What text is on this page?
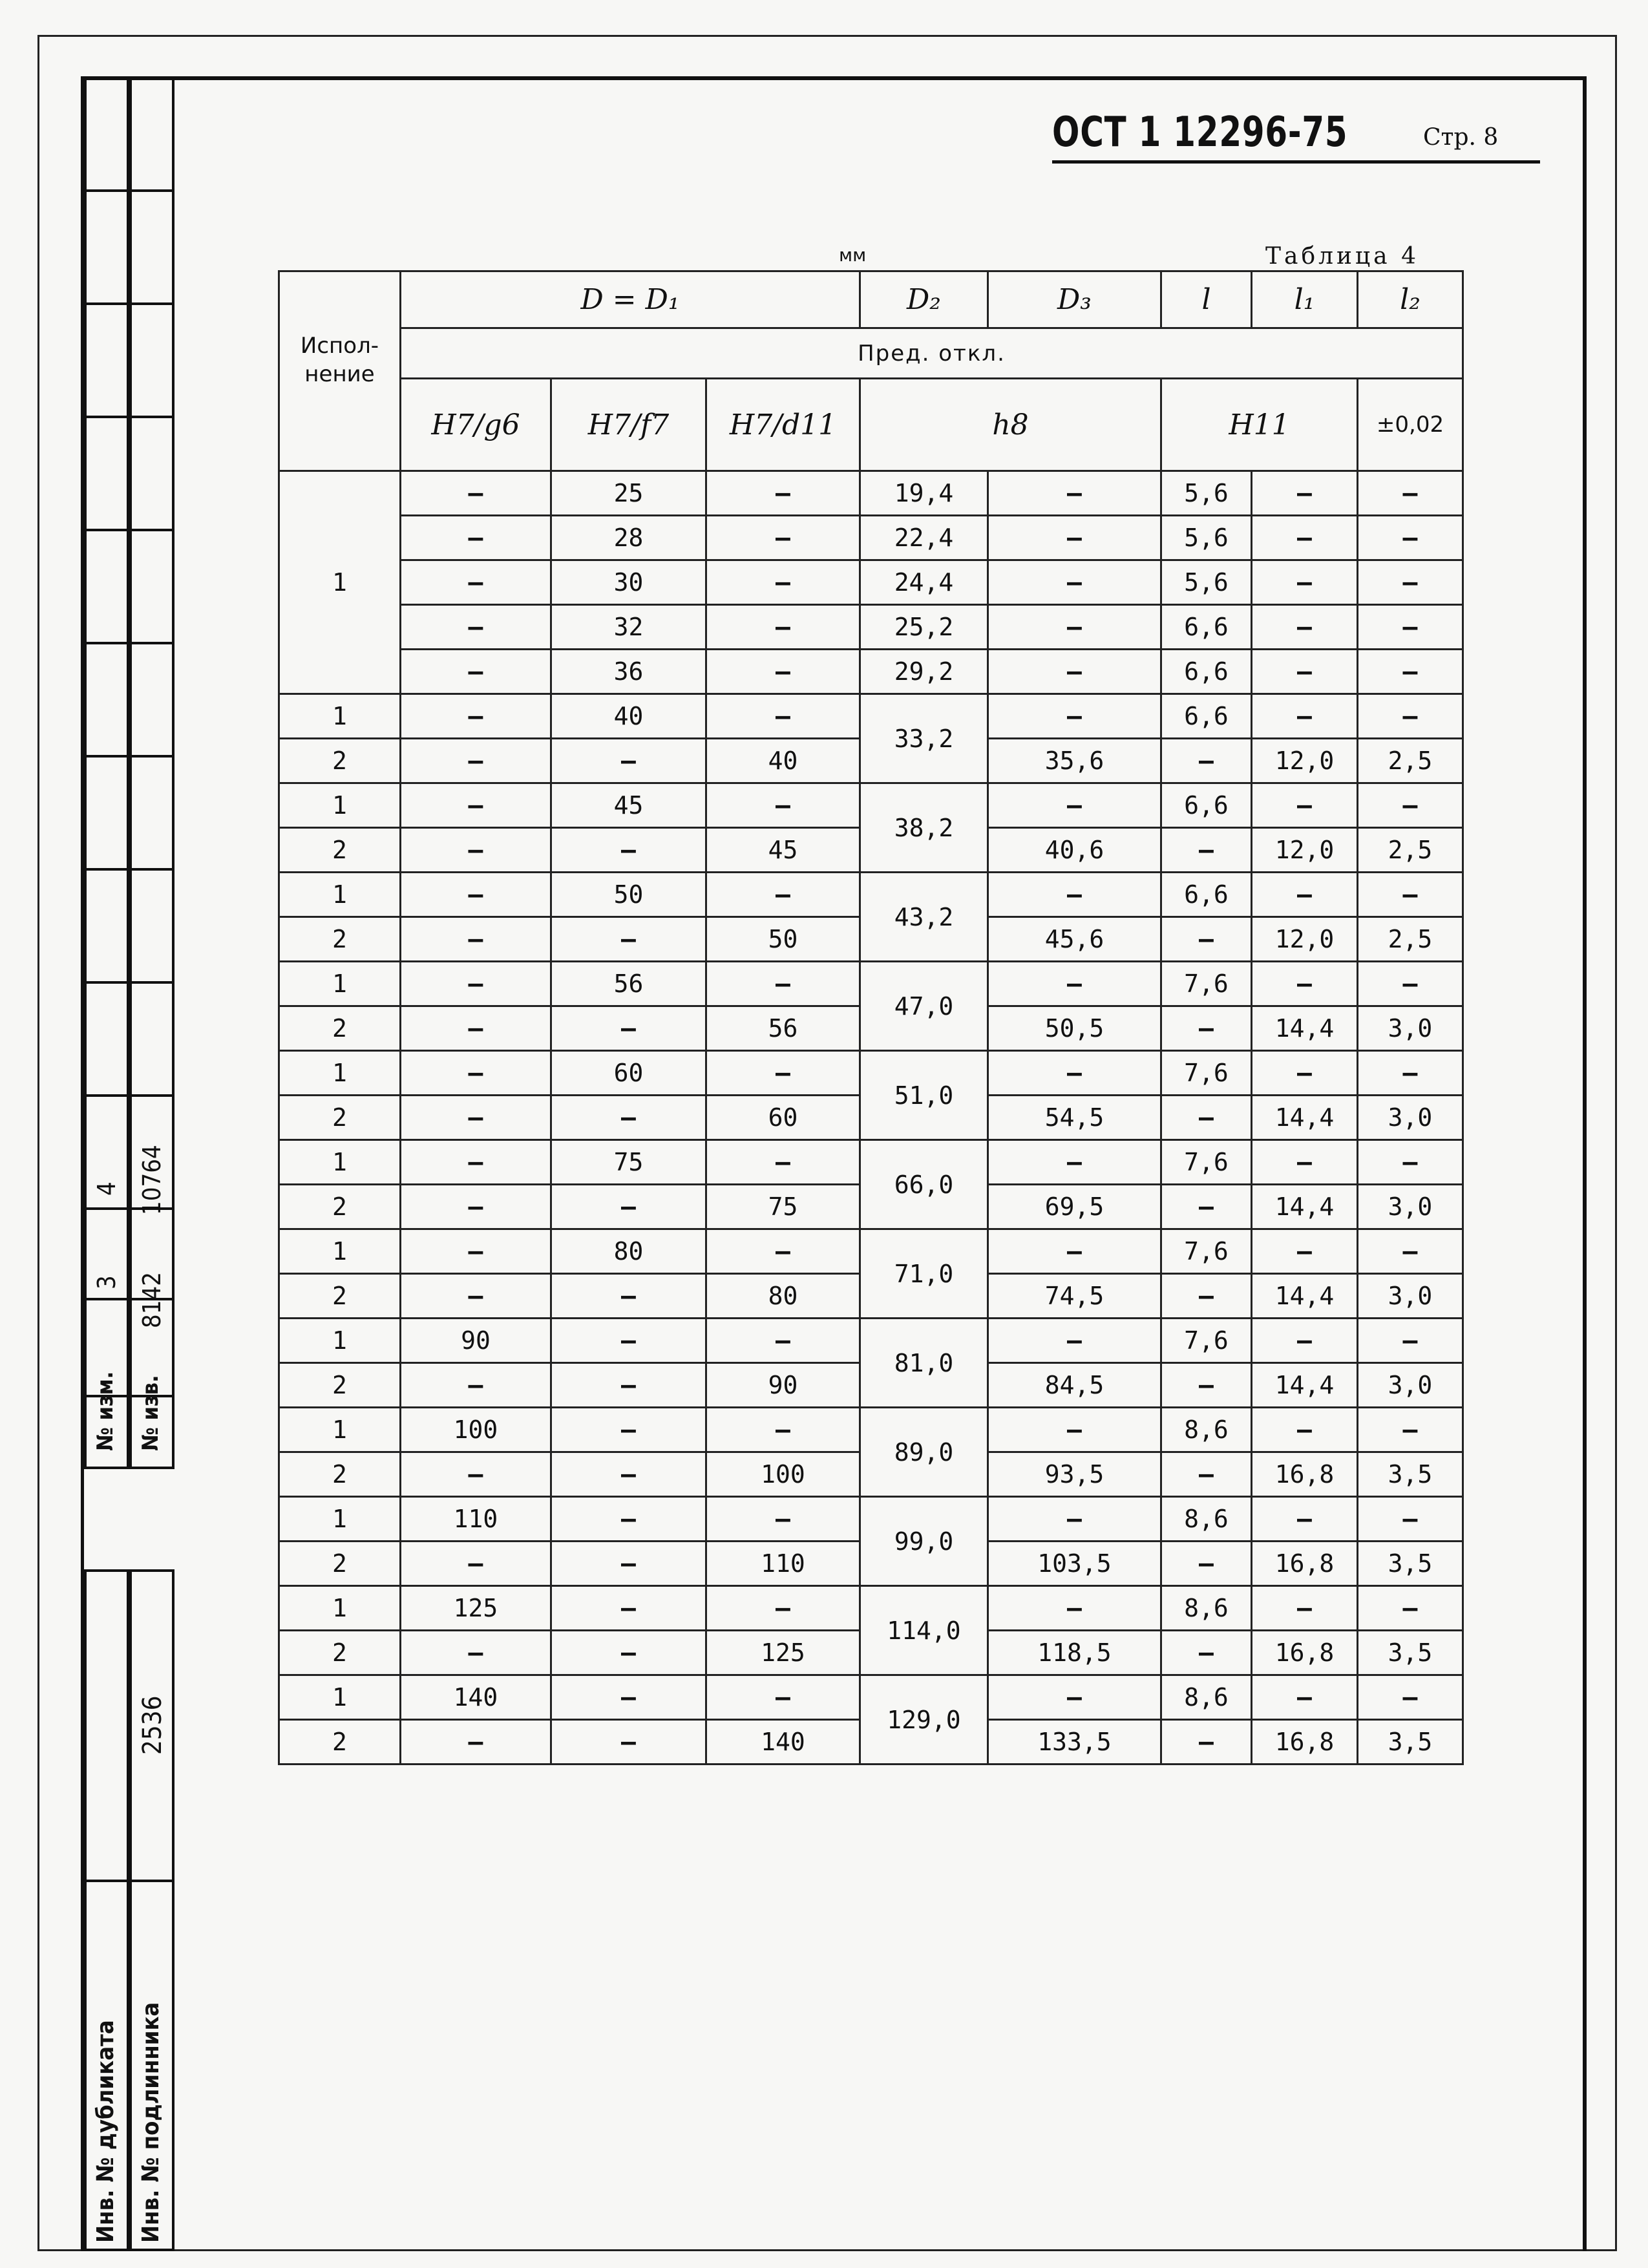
4 10764
3 8142
№ изм. № изв.
2536
Инв. № дубликата Инв. № подлинника
ОСТ 1 12296-75	Стр. 8
мм	Таблица 4
Испол-
нение	D = D₁			D₂	D₃	l	l₁	l₂
	Пред. откл.							
	H7/g6	H7/f7	H7/d11	h8		H11		±0,02
1	–	25	–	19,4	–	5,6	–	–
	–	28	–	22,4	–	5,6	–	–
	–	30	–	24,4	–	5,6	–	–
	–	32	–	25,2	–	6,6	–	–
	–	36	–	29,2	–	6,6	–	–
1	–	40	–	33,2	–	6,6	–	–
2	–	–	40		35,6	–	12,0	2,5
1	–	45	–	38,2	–	6,6	–	–
2	–	–	45		40,6	–	12,0	2,5
1	–	50	–	43,2	–	6,6	–	–
2	–	–	50		45,6	–	12,0	2,5
1	–	56	–	47,0	–	7,6	–	–
2	–	–	56		50,5	–	14,4	3,0
1	–	60	–	51,0	–	7,6	–	–
2	–	–	60		54,5	–	14,4	3,0
1	–	75	–	66,0	–	7,6	–	–
2	–	–	75		69,5	–	14,4	3,0
1	–	80	–	71,0	–	7,6	–	–
2	–	–	80		74,5	–	14,4	3,0
1	90	–	–	81,0	–	7,6	–	–
2	–	–	90		84,5	–	14,4	3,0
1	100	–	–	89,0	–	8,6	–	–
2	–	–	100		93,5	–	16,8	3,5
1	110	–	–	99,0	–	8,6	–	–
2	–	–	110		103,5	–	16,8	3,5
1	125	–	–	114,0	–	8,6	–	–
2	–	–	125		118,5	–	16,8	3,5
1	140	–	–	129,0	–	8,6	–	–
2	–	–	140		133,5	–	16,8	3,5
